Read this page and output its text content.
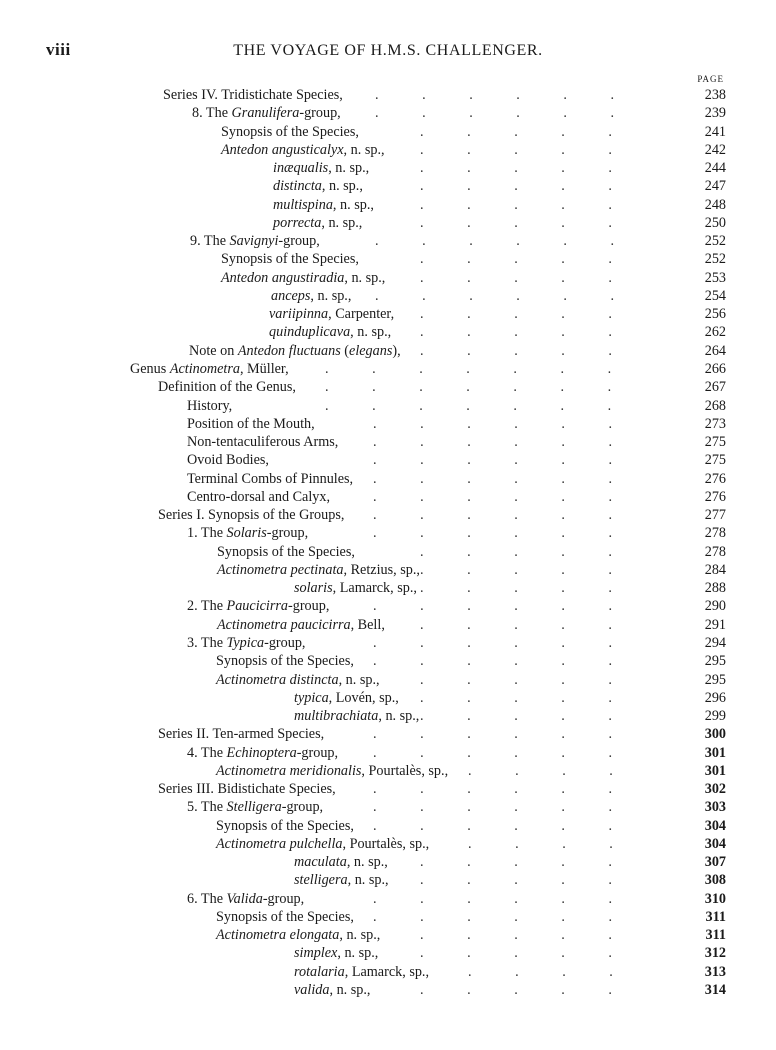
viii	THE VOYAGE OF H.M.S. CHALLENGER.
PAGE
Series IV. Tridistichate Species, . . . . . .	238
8. The Granulifera-group, . . . . . .	239
Synopsis of the Species,	. . . . .	241
Antedon angusticalyx, n. sp., . . . . .	242
inæqualis, n. sp.,	. . . . .	244
distincta, n. sp.,	. . . . .	247
multispina, n. sp.,	. . . . .	248
porrecta, n. sp.,	. . . . .	250
9. The Savignyi-group,	. . . . . .	252
Synopsis of the Species,	. . . . .	252
Antedon angustiradia, n. sp., . . . . .	253
anceps, n. sp., . . . . . .	254
variipinna, Carpenter, . . . . .	256
quinduplicava, n. sp., . . . . .	262
Note on Antedon fluctuans (elegans), . . . . .	264
Genus Actinometra, Müller,	. . . . . . .	266
Definition of the Genus, . . . . . . .	267
History,	. . . . . . .	268
Position of the Mouth,	. . . . . .	273
Non-tentaculiferous Arms, . . . . . .	275
Ovoid Bodies,	. . . . . .	275
Terminal Combs of Pinnules, . . . . . .	276
Centro-dorsal and Calyx,	. . . . . .	276
Series I. Synopsis of the Groups, . . . . . .	277
1. The Solaris-group,	. . . . . .	278
Synopsis of the Species,	. . . . .	278
Actinometra pectinata, Retzius, sp., . . . . .	284
solaris, Lamarck, sp., . . . . .	288
2. The Paucicirra-group,	. . . . . .	290
Actinometra paucicirra, Bell, . . . . .	291
3. The Typica-group,	. . . . . .	294
Synopsis of the Species, . . . . . .	295
Actinometra distincta, n. sp.,	. . . . .	295
typica, Lovén, sp., . . . . .	296
multibrachiata, n. sp., . . . . .	299
Series II. Ten-armed Species,	. . . . . .	300
4. The Echinoptera-group, . . . . . .	301
Actinometra meridionalis, Pourtalès, sp., . . . .	301
Series III. Bidistichate Species,	. . . . . .	302
5. The Stelligera-group,	. . . . . .	303
Synopsis of the Species, . . . . . .	304
Actinometra pulchella, Pourtalès, sp.,	. . . .	304
maculata, n. sp., . . . . .	307
stelligera, n. sp., . . . . .	308
6. The Valida-group,	. . . . . .	310
Synopsis of the Species, . . . . . .	311
Actinometra elongata, n. sp.,	. . . . .	311
simplex, n. sp.,	. . . . .	312
rotalaria, Lamarck, sp.,	. . . .	313
valida, n. sp.,	. . . . .	314
